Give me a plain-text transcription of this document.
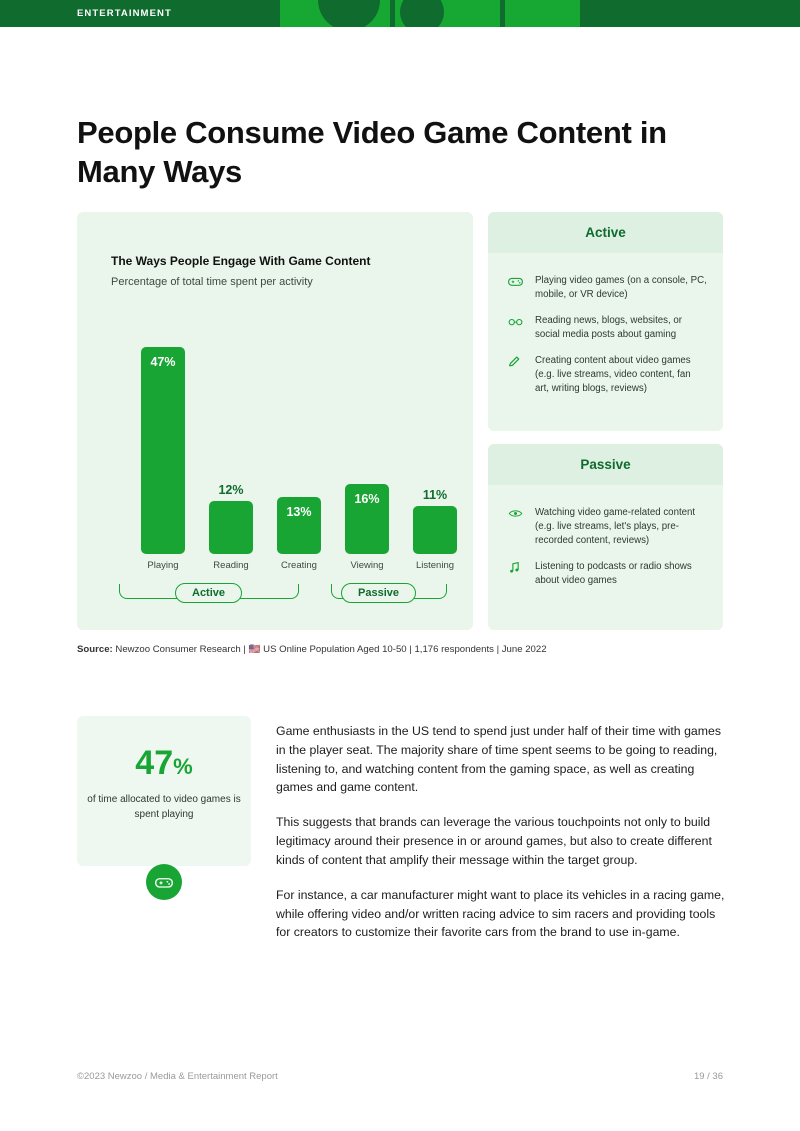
ENTERTAINMENT
People Consume Video Game Content in Many Ways
The Ways People Engage With Game Content
Percentage of total time spent per activity
47%
Playing
12%
Reading
13%
Creating
16%
Viewing
11%
Listening
Active	Passive
Active
Playing video games (on a console, PC, mobile, or VR device)
Reading news, blogs, websites, or social media posts about gaming
Creating content about video games (e.g. live streams, video content, fan art, writing blogs, reviews)
Passive
Watching video game-related content (e.g. live streams, let's plays, pre-recorded content, reviews)
Listening to podcasts or radio shows about video games
Source: Newzoo Consumer Research | 🇺🇸 US Online Population Aged 10-50 | 1,176 respondents | June 2022
47%
of time allocated to video games is spent playing

Game enthusiasts in the US tend to spend just under half of their time with games in the player seat. The majority share of time spent seems to be going to reading, listening to, and watching content from the gaming space, as well as creating games and game content.

This suggests that brands can leverage the various touchpoints not only to build legitimacy around their presence in or around games, but also to create different kinds of content that amplify their message within the target group.

For instance, a car manufacturer might want to place its vehicles in a racing game, while offering video and/or written racing advice to sim racers and providing tools for creators to customize their favorite cars from the brand to use in-game.

©2023 Newzoo / Media & Entertainment Report	19 / 36
